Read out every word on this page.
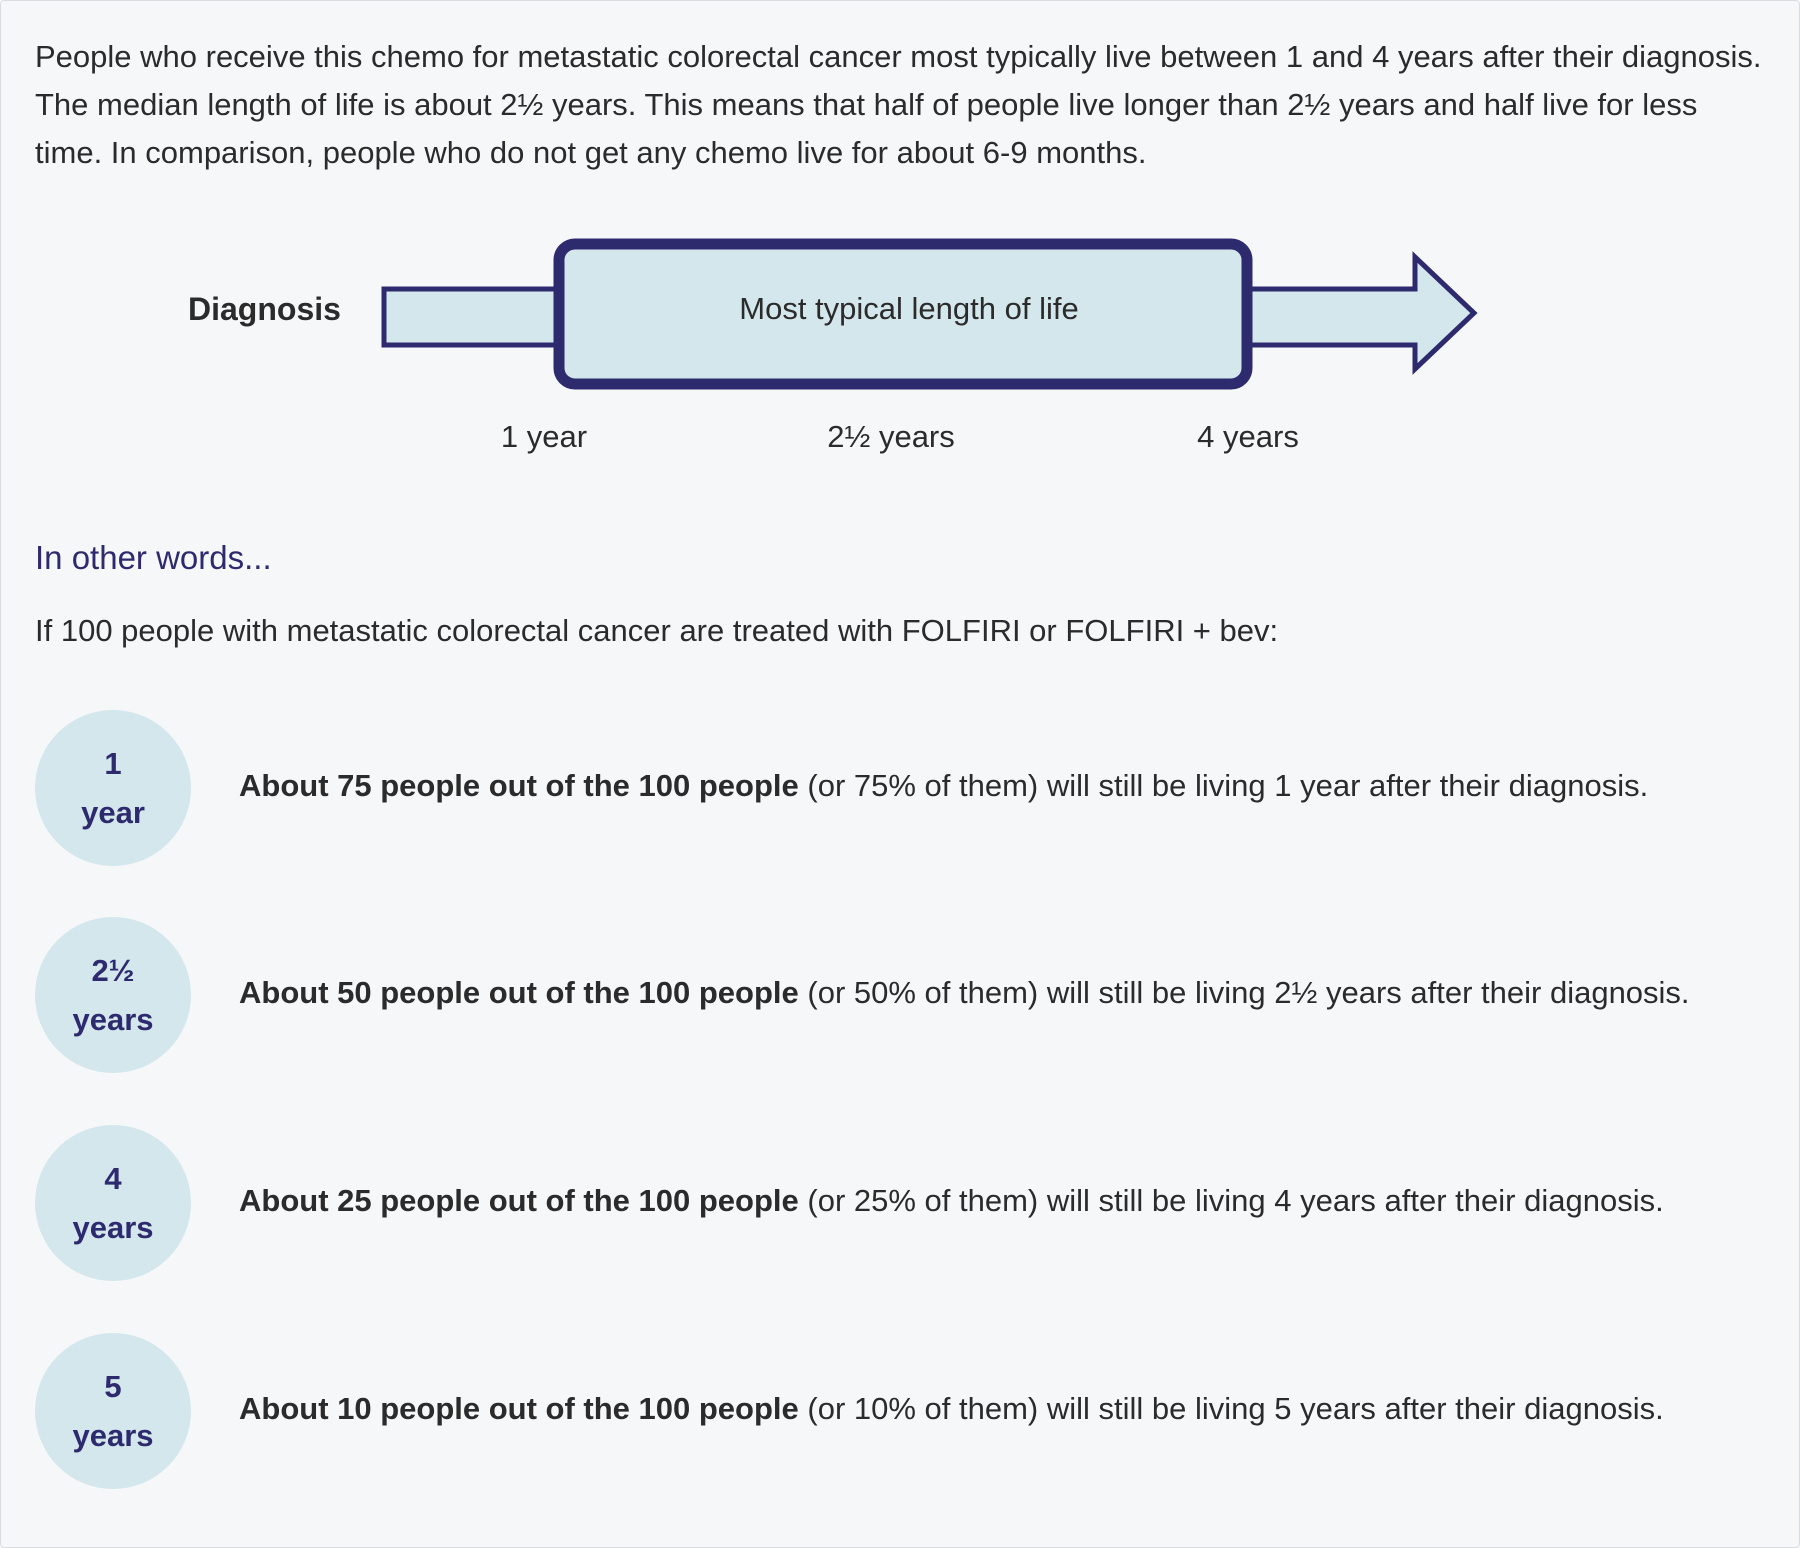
People who receive this chemo for metastatic colorectal cancer most typically live between 1 and 4 years after their diagnosis. The median length of life is about 2½ years. This means that half of people live longer than 2½ years and half live for less time. In comparison, people who do not get any chemo live for about 6-9 months.

Diagnosis	Most typical length of life
1 year	2½ years	4 years
In other words...

If 100 people with metastatic colorectal cancer are treated with FOLFIRI or FOLFIRI + bev:

1
year

About 75 people out of the 100 people (or 75% of them) will still be living 1 year after their diagnosis.

2½
years

About 50 people out of the 100 people (or 50% of them) will still be living 2½ years after their diagnosis.

4
years

About 25 people out of the 100 people (or 25% of them) will still be living 4 years after their diagnosis.

5
years

About 10 people out of the 100 people (or 10% of them) will still be living 5 years after their diagnosis.
